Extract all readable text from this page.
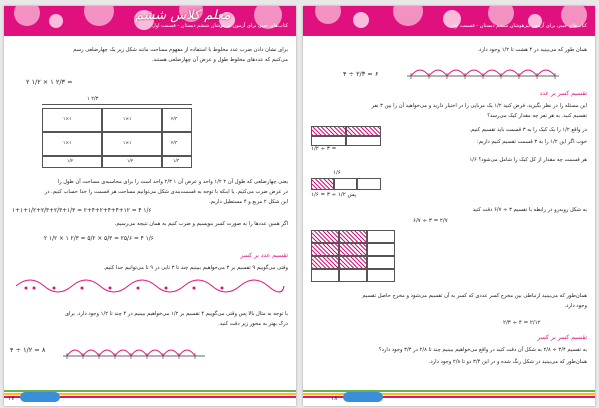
کتاب‌های جیبی برای آزمون تیزهوشان ششم دبستان - قسمت اول
برای نشان دادن ضرب عدد مخلوط با استفاده از مفهوم مساحت مانند شکل زیر یک چهارضلعی رسم
می‌کنیم که عددهای مخلوط طول و عرض آن چهارضلعی هستند.
۲ ۱/۲ × ۱ ۲/۳ =
۱ ۲/۳
۱×۱	۱×۱	۲/۳
۱×۱	۱×۱	۲/۳
۱/۲	۱/۲	۱/۳
یعنی چهارضلعی که طول آن ۲ ۱/۲ واحد و عرض آن ۱ ۲/۳ واحد است را برای محاسبه‌ی مساحت آن طول را
در عرض ضرب می‌کنیم. یا اینکه با توجه به قسمت‌بندی شکل می‌توانیم مساحت هر قسمت را جدا حساب کنیم. در
این شکل ۲ مربع و ۴ مستطیل داریم.
۱+۱+۱/۲+۲/۳+۲/۳+۱/۳ = ۲+۴+۲+۴+۴+۱۲ = ۴ ۱/۶
اگر همین عددها را به صورت کسر بنویسیم و ضرب کنیم به همان نتیجه می‌رسیم.
۲ ۱/۲ × ۱ ۲/۳ = ۵/۲ × ۵/۳ = ۲۵/۶ = ۴ ۱/۶
تقسیم عدد بر کسر
وقتی می‌گوییم ۹ تقسیم بر ۳ می‌خواهیم ببینیم چند تا ۳ تایی در ۹ تا می‌توانیم جدا کنیم.
با توجه به مثال بالا پس وقتی می‌گوییم ۴ تقسیم بر ۱/۲ می‌خواهیم ببینیم در ۴ چند تا ۱/۲ وجود دارد. برای
درک بهتر به محور زیر دقت کنید.
۴ ÷ ۱/۲ = ۸
۱۷
کتاب‌های جیبی برای آزمون تیزهوشان ششم دبستان - قسمت اول
همان طور که می‌بینید در ۴ هشت تا ۱/۲ وجود دارد.
۴ ÷ ۲/۳ = ۶
تقسیم کسر بر عدد
این مسئله را در نظر بگیرید. فرض کنید ۱/۲ یک مربایی را در اختیار دارید و می‌خواهید آن را بین ۳ نفر
تقسیم کنید. به هر نفر چه مقدار کیک می‌رسد؟
در واقع ۱/۲ را یک کیک را به ۳ قسمت باید تقسیم کنیم.
خوب اگر این ۱/۲ را به ۳ قسمت تقسیم کنیم داریم:
هر قسمت چه مقدار از کل کیک را شامل می‌شود؟ ۱/۶
۱/۲ ÷ ۳ =
۱/۶
پس ۱/۲ ÷ ۳ = ۱/۶
به شکل روبه‌رو در رابطه با تقسیم ۳ ÷ ۶/۷ دقت کنید
۶/۷ ÷ ۳ = ۲/۷
همان‌طور که می‌بینید ارتباطی بین مخرج کسر عددی که کسر به آن تقسیم می‌شود و مخرج حاصل تقسیم
وجود دارد.
۲/۳ ÷ ۴ = ۲/۱۲
تقسیم کسر بر کسر
به تقسیم ۳/۴ ÷ ۲/۸ به شکل آن دقت کنید در واقع می‌خواهیم ببینیم چند تا ۲/۸ در ۳/۴ وجود دارد؟
همان‌طور که می‌بینید در شکل رنگ شده و در این ۳/۴ دو تا ۲/۸ وجود دارد.
۱۸
معلم کلاس ششم
